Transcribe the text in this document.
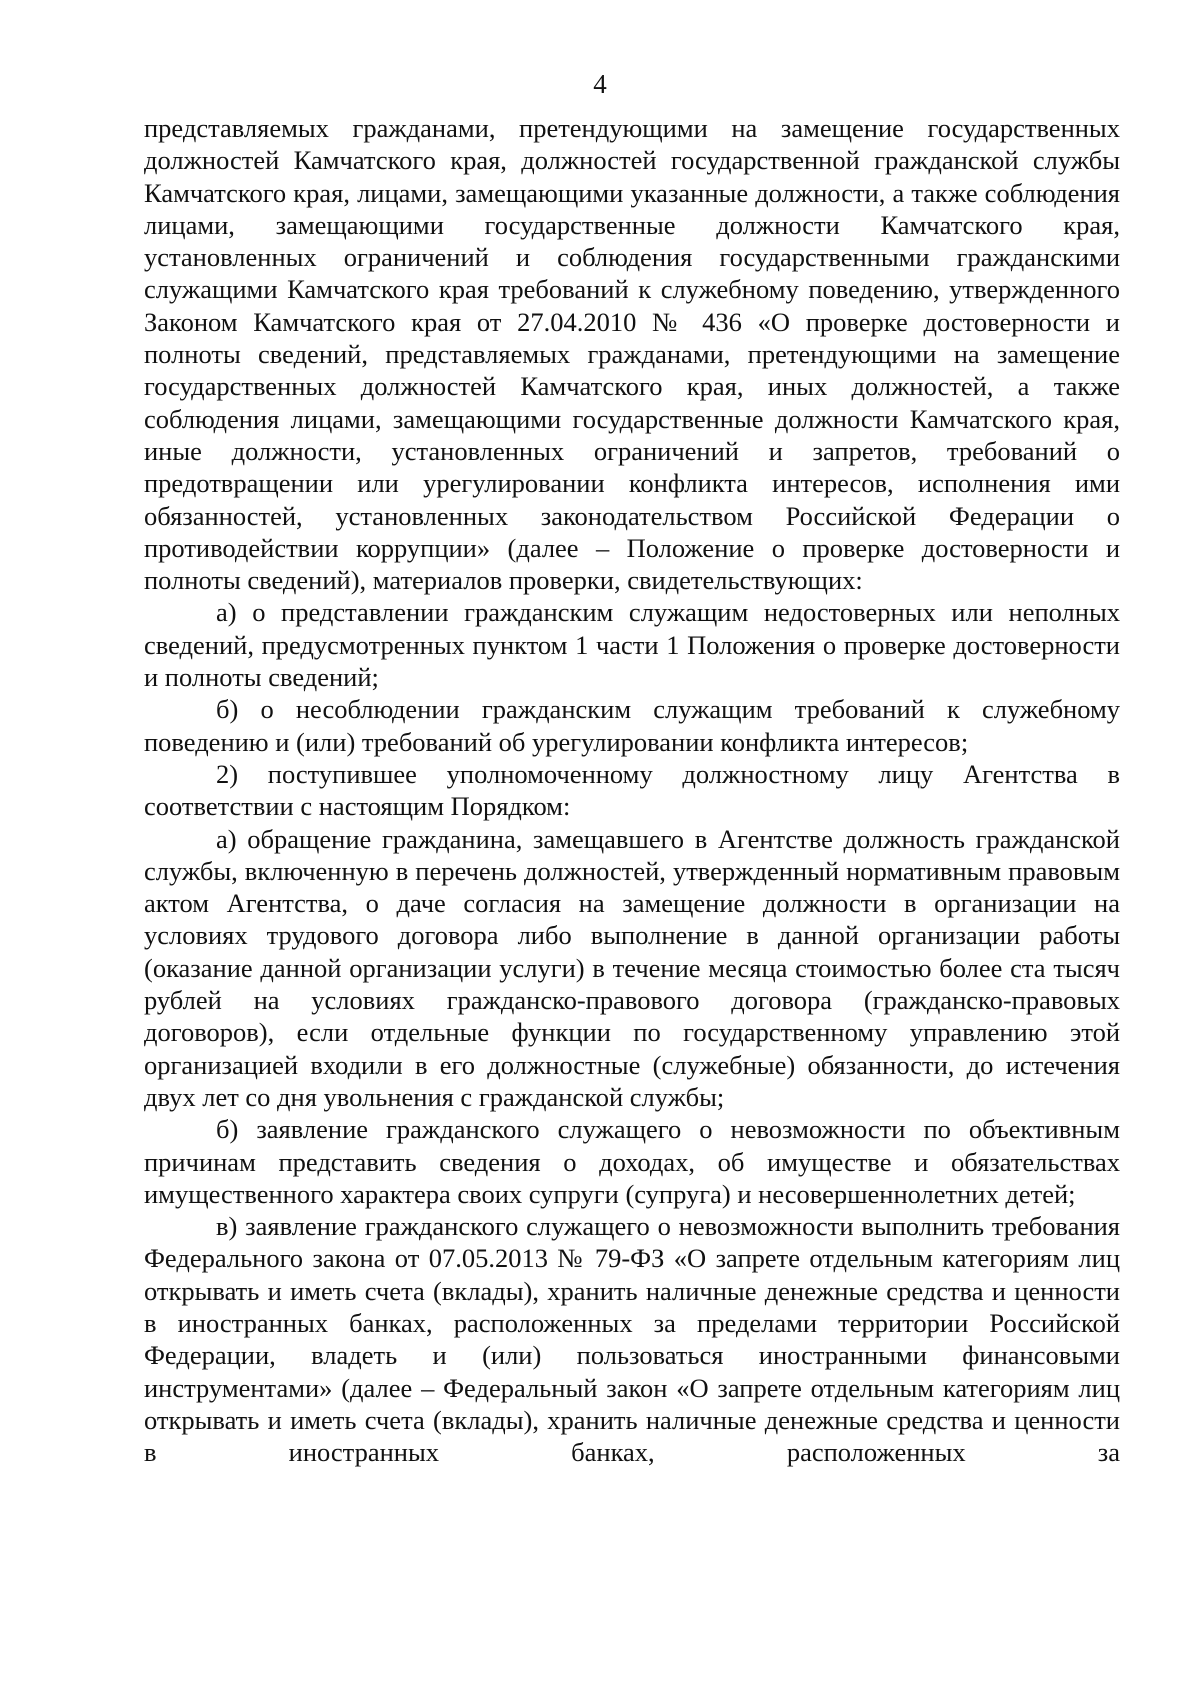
4

представляемых гражданами, претендующими на замещение государственных должностей Камчатского края, должностей государственной гражданской службы Камчатского края, лицами, замещающими указанные должности, а также соблюдения лицами, замещающими государственные должности Камчатского края, установленных ограничений и соблюдения государственными гражданскими служащими Камчатского края требований к служебному поведению, утвержденного Законом Камчатского края от 27.04.2010 № 436 «О проверке достоверности и полноты сведений, представляемых гражданами, претендующими на замещение государственных должностей Камчатского края, иных должностей, а также соблюдения лицами, замещающими государственные должности Камчатского края, иные должности, установленных ограничений и запретов, требований о предотвращении или урегулировании конфликта интересов, исполнения ими обязанностей, установленных законодательством Российской Федерации о противодействии коррупции» (далее – Положение о проверке достоверности и полноты сведений), материалов проверки, свидетельствующих:

а) о представлении гражданским служащим недостоверных или неполных сведений, предусмотренных пунктом 1 части 1 Положения о проверке достоверности и полноты сведений;

б) о несоблюдении гражданским служащим требований к служебному поведению и (или) требований об урегулировании конфликта интересов;

2) поступившее уполномоченному должностному лицу Агентства в соответствии с настоящим Порядком:

а) обращение гражданина, замещавшего в Агентстве должность гражданской службы, включенную в перечень должностей, утвержденный нормативным правовым актом Агентства, о даче согласия на замещение должности в организации на условиях трудового договора либо выполнение в данной организации работы (оказание данной организации услуги) в течение месяца стоимостью более ста тысяч рублей на условиях гражданско-правового договора (гражданско-правовых договоров), если отдельные функции по государственному управлению этой организацией входили в его должностные (служебные) обязанности, до истечения двух лет со дня увольнения с гражданской службы;

б) заявление гражданского служащего о невозможности по объективным причинам представить сведения о доходах, об имуществе и обязательствах имущественного характера своих супруги (супруга) и несовершеннолетних детей;

в) заявление гражданского служащего о невозможности выполнить требования Федерального закона от 07.05.2013 № 79-ФЗ «О запрете отдельным категориям лиц открывать и иметь счета (вклады), хранить наличные денежные средства и ценности в иностранных банках, расположенных за пределами территории Российской Федерации, владеть и (или) пользоваться иностранными финансовыми инструментами» (далее – Федеральный закон «О запрете отдельным категориям лиц открывать и иметь счета (вклады), хранить наличные денежные средства и ценности в иностранных банках, расположенных за
